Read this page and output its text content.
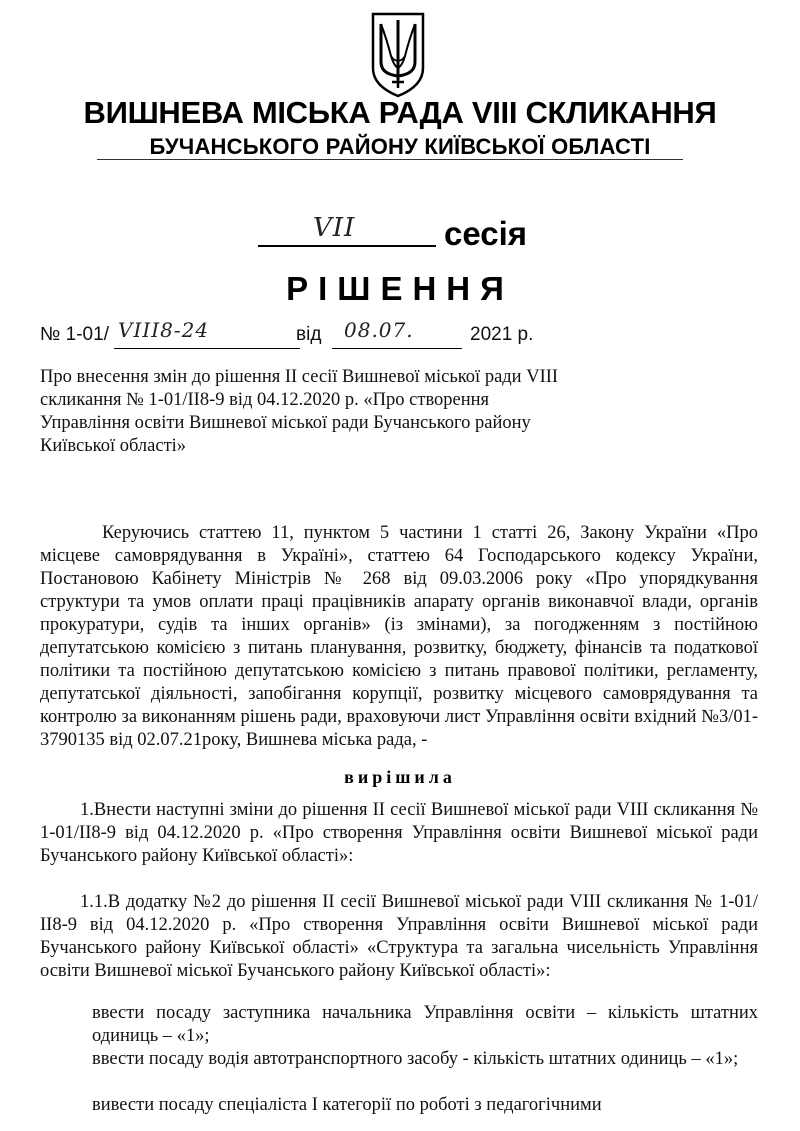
ВИШНЕВА МІСЬКА РАДА VIII СКЛИКАННЯ
БУЧАНСЬКОГО РАЙОНУ КИЇВСЬКОЇ ОБЛАСТІ
VII	сесія
РІШЕННЯ
№ 1-01/ VIII8-24	від 08.07.	2021 р.
Про внесення змін до рішення ІІ сесії Вишневої міської ради VIII скликання № 1-01/ІІ8-9 від 04.12.2020 р. «Про створення Управління освіти Вишневої міської ради Бучанського району Київської області»
Керуючись статтею 11, пунктом 5 частини 1 статті 26, Закону України «Про місцеве самоврядування в Україні», статтею 64 Господарського кодексу України, Постановою Кабінету Міністрів № 268 від 09.03.2006 року «Про упорядкування структури та умов оплати праці працівників апарату органів виконавчої влади, органів прокуратури, судів та інших органів» (із змінами), за погодженням з постійною депутатською комісією з питань планування, розвитку, бюджету, фінансів та податкової політики та постійною депутатською комісією з питань правової політики, регламенту, депутатської діяльності, запобігання корупції, розвитку місцевого самоврядування та контролю за виконанням рішень ради, враховуючи лист Управління освіти вхідний №3/01-3790135 від 02.07.21року, Вишнева міська рада, -
вирішила
1.Внести наступні зміни до рішення ІІ сесії Вишневої міської ради VIII скликання № 1-01/ІІ8-9 від 04.12.2020 р. «Про створення Управління освіти Вишневої міської ради Бучанського району Київської області»:
1.1.В додатку №2 до рішення ІІ сесії Вишневої міської ради VIII скликання № 1-01/ІІ8-9 від 04.12.2020 р. «Про створення Управління освіти Вишневої міської ради Бучанського району Київської області» «Структура та загальна чисельність Управління освіти Вишневої міської Бучанського району Київської області»:
ввести посаду заступника начальника Управління освіти – кількість штатних одиниць – «1»;
ввести посаду водія автотранспортного засобу - кількість штатних одиниць – «1»;
вивести посаду спеціаліста І категорії по роботі з педагогічними
